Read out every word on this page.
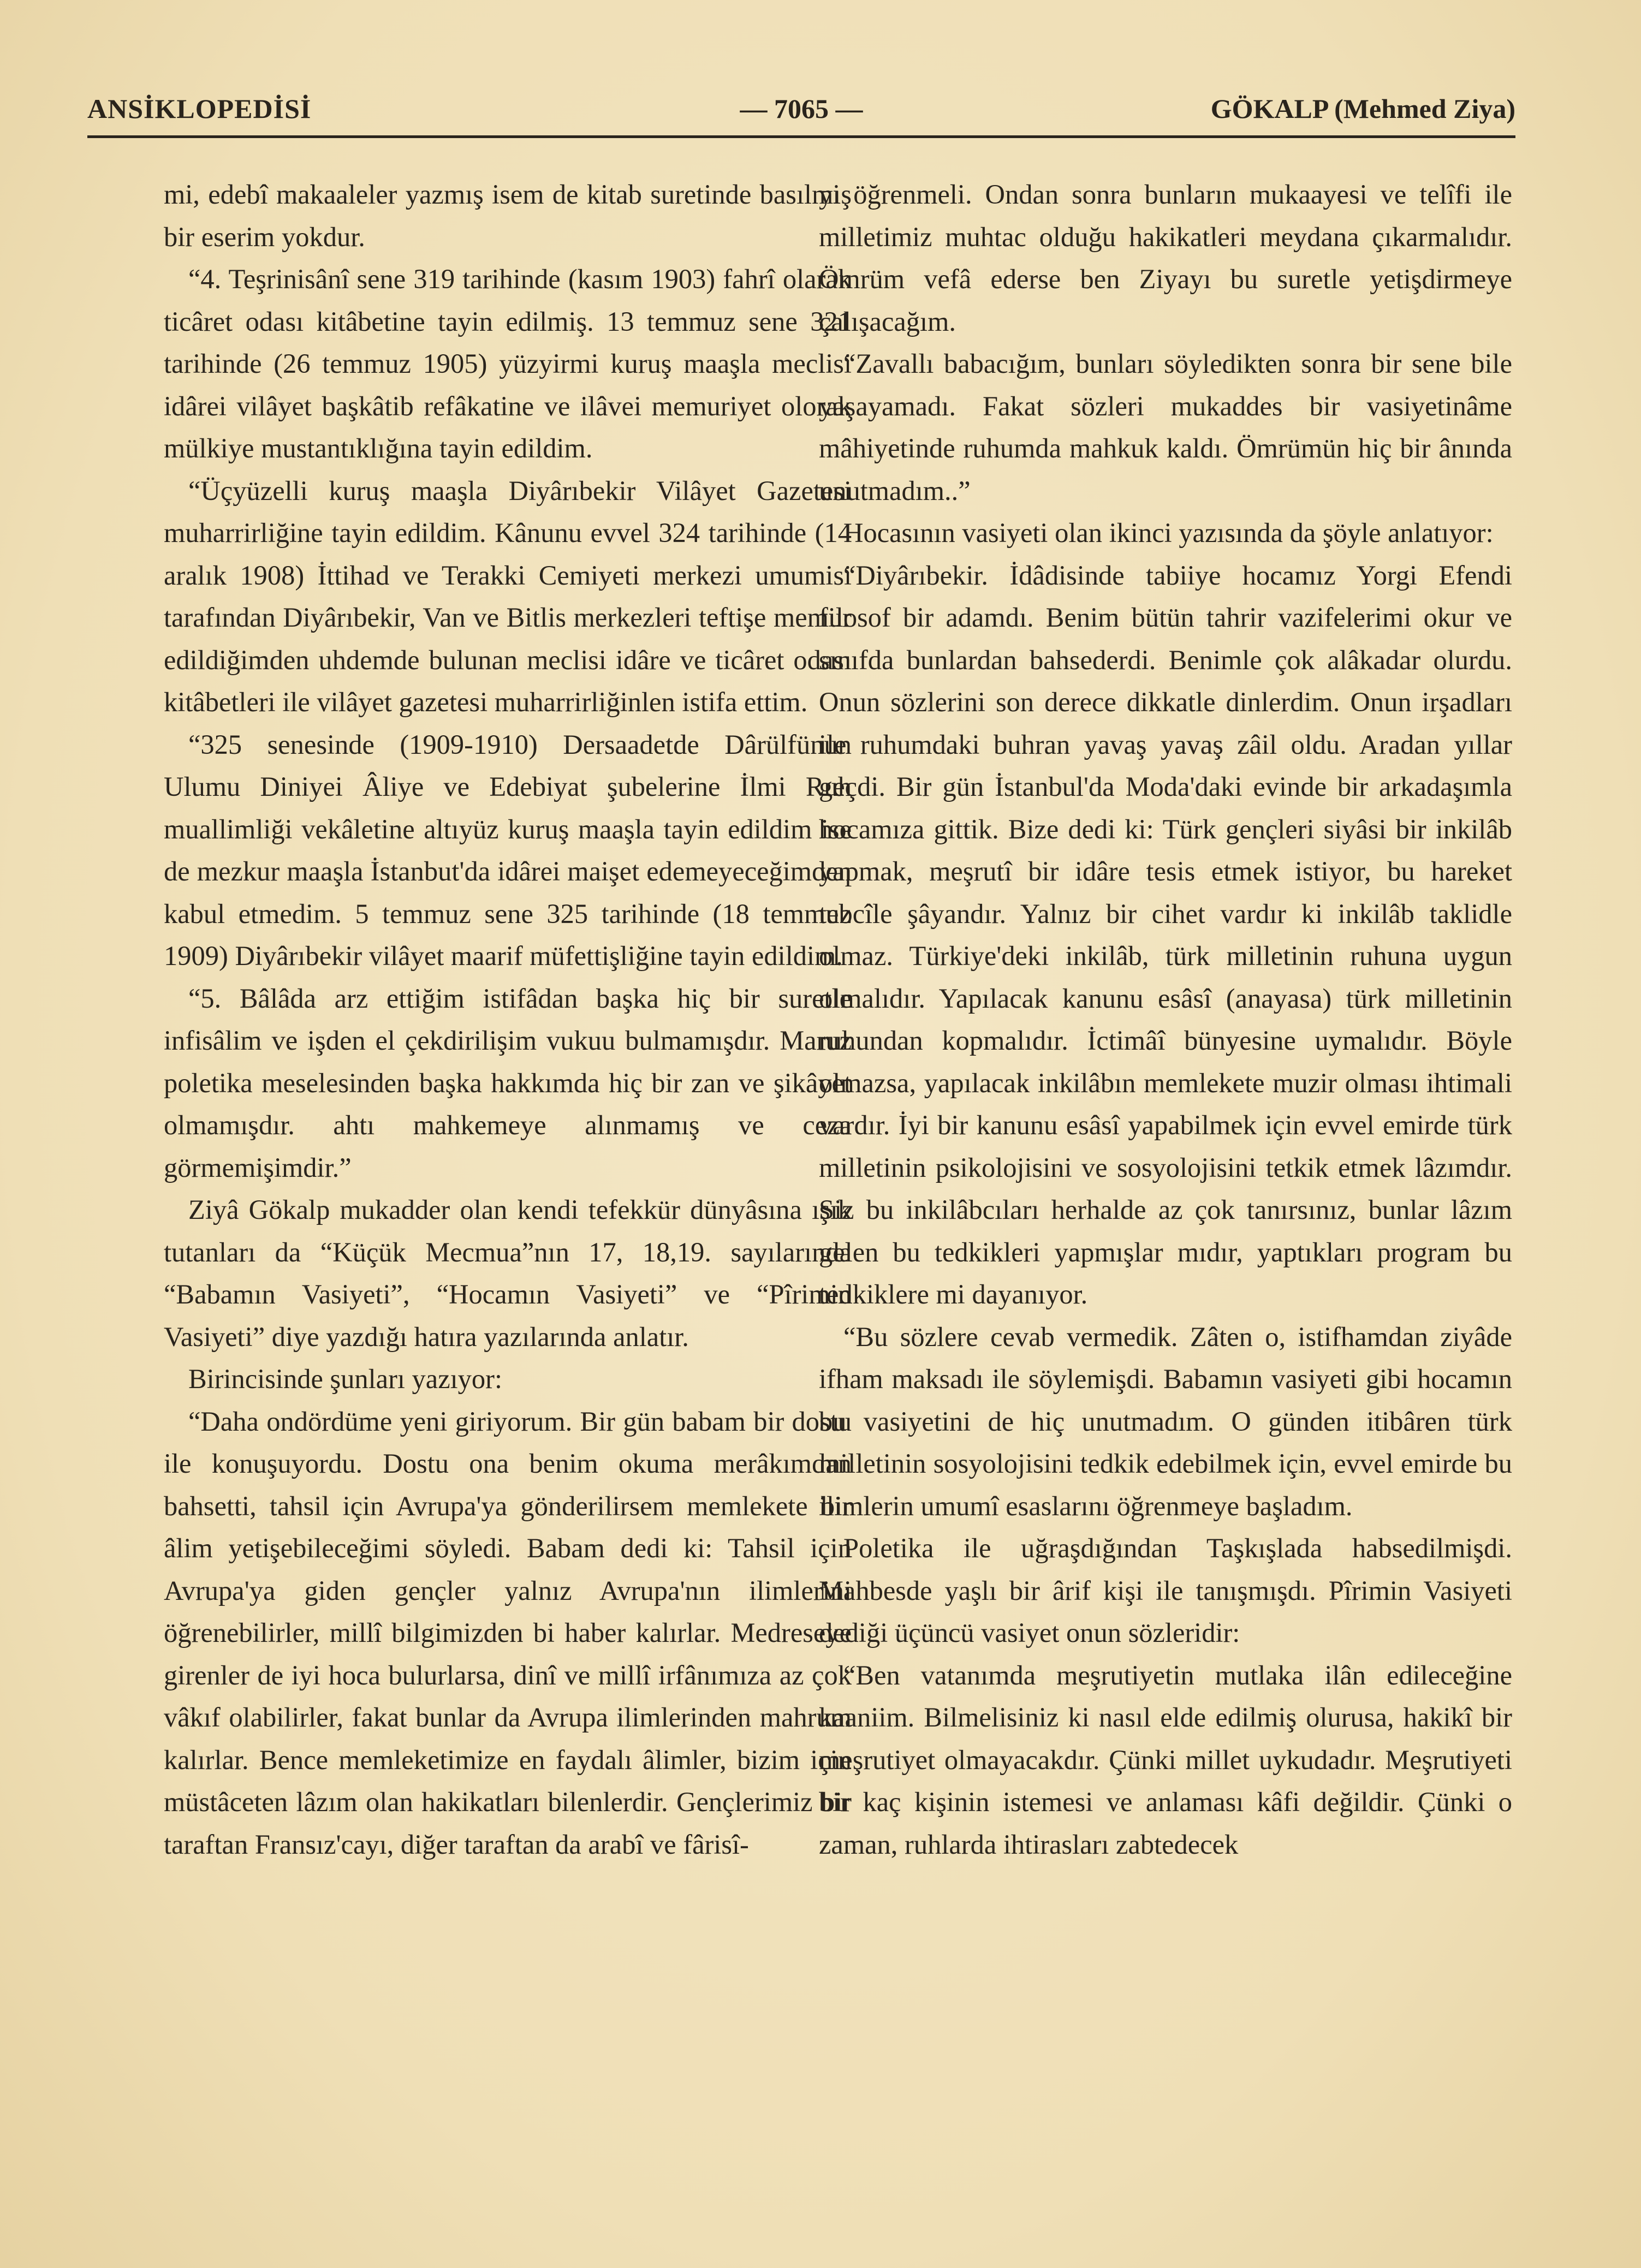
ANSİKLOPEDİSİ	— 7065 —	GÖKALP (Mehmed Ziya)

mi, edebî makaaleler yazmış isem de kitab suretinde basılmış bir eserim yokdur.

“4. Teşrinisânî sene 319 tarihinde (kasım 1903) fahrî olarak ticâret odası kitâbetine tayin edilmiş. 13 temmuz sene 321 tarihinde (26 temmuz 1905) yüzyirmi kuruş maaşla meclisi idârei vilâyet başkâtib refâkatine ve ilâvei memuriyet olorak mülkiye mustantıklığına tayin edildim.

“Üçyüzelli kuruş maaşla Diyârıbekir Vilâyet Gazetesi muharrirliğine tayin edildim. Kânunu evvel 324 tarihinde (14 aralık 1908) İttihad ve Terakki Cemiyeti merkezi umumisi tarafından Diyârıbekir, Van ve Bitlis merkezleri teftişe memur edildiğimden uhdemde bulunan meclisi idâre ve ticâret odası kitâbetleri ile vilâyet gazetesi muharrirliğinlen istifa ettim.

“325 senesinde (1909-1910) Dersaadetde Dârülfünun Ulumu Diniyei Âliye ve Edebiyat şubelerine İlmi Ruh muallimliği vekâletine altıyüz kuruş maaşla tayin edildim ise de mezkur maaşla İstanbut'da idârei maişet edemeyeceğimden kabul etmedim. 5 temmuz sene 325 tarihinde (18 temmuz 1909) Diyârıbekir vilâyet maarif müfettişliğine tayin edildim.

“5. Bâlâda arz ettiğim istifâdan başka hiç bir suretle infisâlim ve işden el çekdirilişim vukuu bulmamışdır. Maruz poletika meselesinden başka hakkımda hiç bir zan ve şikâyet olmamışdır. ahtı mahkemeye alınmamış ve ceza görmemişimdir.”

Ziyâ Gökalp mukadder olan kendi tefekkür dünyâsına ışık tutanları da “Küçük Mecmua”nın 17, 18,19. sayılarında “Babamın Vasiyeti”, “Hocamın Vasiyeti” ve “Pîrimin Vasiyeti” diye yazdığı hatıra yazılarında anlatır.

Birincisinde şunları yazıyor:

“Daha ondördüme yeni giriyorum. Bir gün babam bir dostu ile konuşuyordu. Dostu ona benim okuma merâkımdan bahsetti, tahsil için Avrupa'ya gönderilirsem memlekete bir âlim yetişebileceğimi söyledi. Babam dedi ki: Tahsil için Avrupa'ya giden gençler yalnız Avrupa'nın ilimlerini öğrenebilirler, millî bilgimizden bi haber kalırlar. Medreseye girenler de iyi hoca bulurlarsa, dinî ve millî irfânımıza az çok vâkıf olabilirler, fakat bunlar da Avrupa ilimlerinden mahrum kalırlar. Bence memleketimize en faydalı âlimler, bizim için müstâceten lâzım olan hakikatları bilenlerdir. Gençlerimiz bir taraftan Fransız'cayı, diğer taraftan da arabî ve fârisî-

yi öğrenmeli. Ondan sonra bunların mukaayesi ve telîfi ile milletimiz muhtac olduğu hakikatleri meydana çıkarmalıdır. Ömrüm vefâ ederse ben Ziyayı bu suretle yetişdirmeye çalışacağım.

“Zavallı babacığım, bunları söyledikten sonra bir sene bile yaşayamadı. Fakat sözleri mukaddes bir vasiyetinâme mâhiyetinde ruhumda mahkuk kaldı. Ömrümün hiç bir ânında unutmadım..”

Hocasının vasiyeti olan ikinci yazısında da şöyle anlatıyor:

“Diyârıbekir. İdâdisinde tabiiye hocamız Yorgi Efendi filosof bir adamdı. Benim bütün tahrir vazifelerimi okur ve sınıfda bunlardan bahsederdi. Benimle çok alâkadar olurdu. Onun sözlerini son derece dikkatle dinlerdim. Onun irşadları ile ruhumdaki buhran yavaş yavaş zâil oldu. Aradan yıllar geçdi. Bir gün İstanbul'da Moda'daki evinde bir arkadaşımla hocamıza gittik. Bize dedi ki: Türk gençleri siyâsi bir inkilâb yapmak, meşrutî bir idâre tesis etmek istiyor, bu hareket tebcîle şâyandır. Yalnız bir cihet vardır ki inkilâb taklidle olmaz. Türkiye'deki inkilâb, türk milletinin ruhuna uygun olmalıdır. Yapılacak kanunu esâsî (anayasa) türk milletinin ruhundan kopmalıdır. İctimâî bünyesine uymalıdır. Böyle olmazsa, yapılacak inkilâbın memlekete muzir olması ihtimali vardır. İyi bir kanunu esâsî yapabilmek için evvel emirde türk milletinin psikolojisini ve sosyolojisini tetkik etmek lâzımdır. Siz bu inkilâbcıları herhalde az çok tanırsınız, bunlar lâzım gelen bu tedkikleri yapmışlar mıdır, yaptıkları program bu tedkiklere mi dayanıyor.

“Bu sözlere cevab vermedik. Zâten o, istifhamdan ziyâde ifham maksadı ile söylemişdi. Babamın vasiyeti gibi hocamın bu vasiyetini de hiç unutmadım. O günden itibâren türk milletinin sosyolojisini tedkik edebilmek için, evvel emirde bu ilimlerin umumî esaslarını öğrenmeye başladım.

Poletika ile uğraşdığından Taşkışlada habsedilmişdi. Mahbesde yaşlı bir ârif kişi ile tanışmışdı. Pîrimin Vasiyeti dediği üçüncü vasiyet onun sözleridir:

“Ben vatanımda meşrutiyetin mutlaka ilân edileceğine kaaniim. Bilmelisiniz ki nasıl elde edilmiş olurusa, hakikî bir meşrutiyet olmayacakdır. Çünki millet uykudadır. Meşrutiyeti bir kaç kişinin istemesi ve anlaması kâfi değildir. Çünki o zaman, ruhlarda ihtirasları zabtedecek
